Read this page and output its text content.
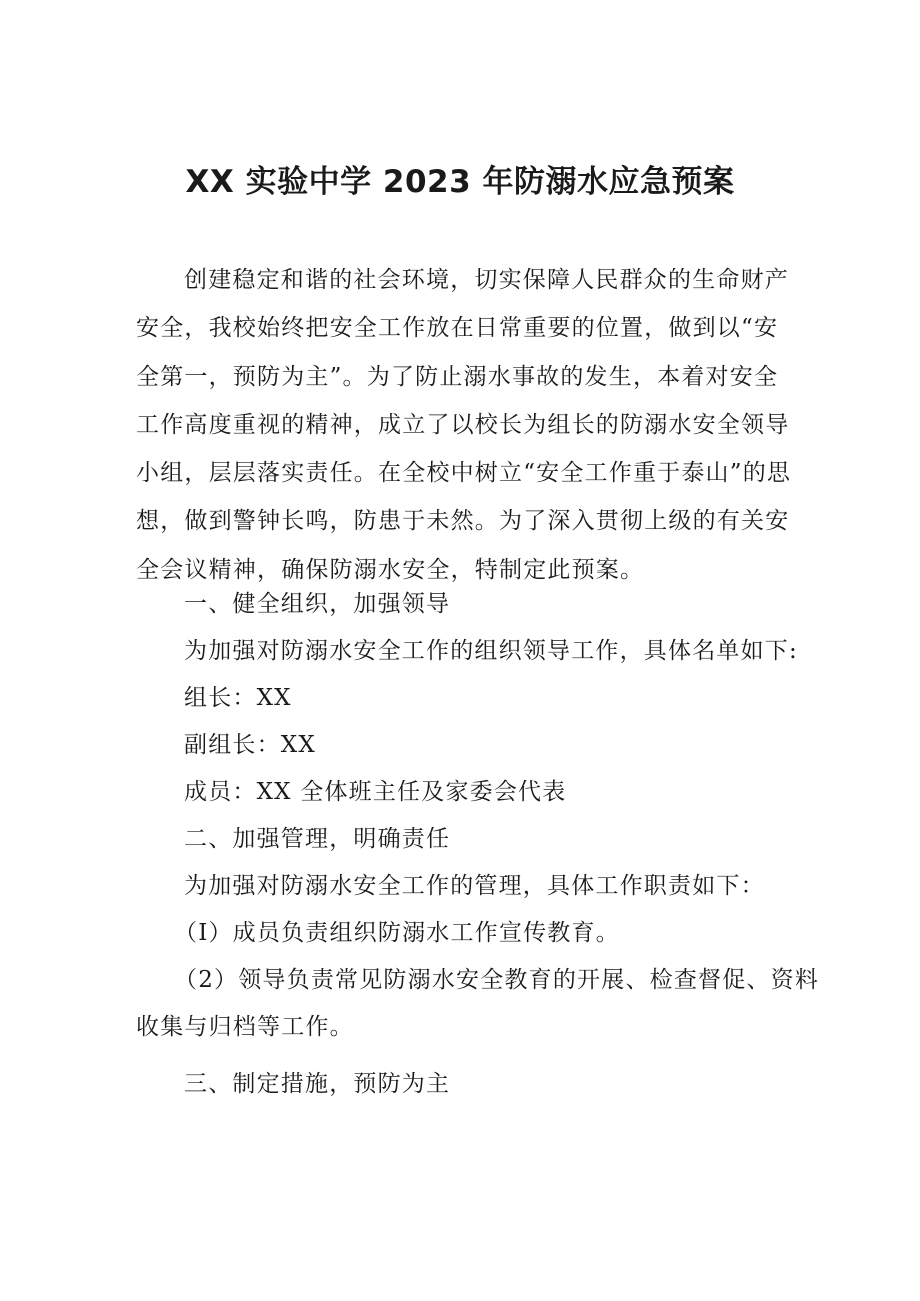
XX 实验中学 2023 年防溺水应急预案

创建稳定和谐的社会环境，切实保障人民群众的生命财产安全，我校始终把安全工作放在日常重要的位置，做到以“安全第一，预防为主”。为了防止溺水事故的发生，本着对安全工作高度重视的精神，成立了以校长为组长的防溺水安全领导小组，层层落实责任。在全校中树立“安全工作重于泰山”的思想，做到警钟长鸣，防患于未然。为了深入贯彻上级的有关安全会议精神，确保防溺水安全，特制定此预案。

一、健全组织，加强领导
为加强对防溺水安全工作的组织领导工作，具体名单如下:
组长：XX
副组长：XX
成员：XX 全体班主任及家委会代表
二、加强管理，明确责任
为加强对防溺水安全工作的管理，具体工作职责如下：
（I）成员负责组织防溺水工作宣传教育。
（2）领导负责常见防溺水安全教育的开展、检查督促、资料
收集与归档等工作。
三、制定措施，预防为主
